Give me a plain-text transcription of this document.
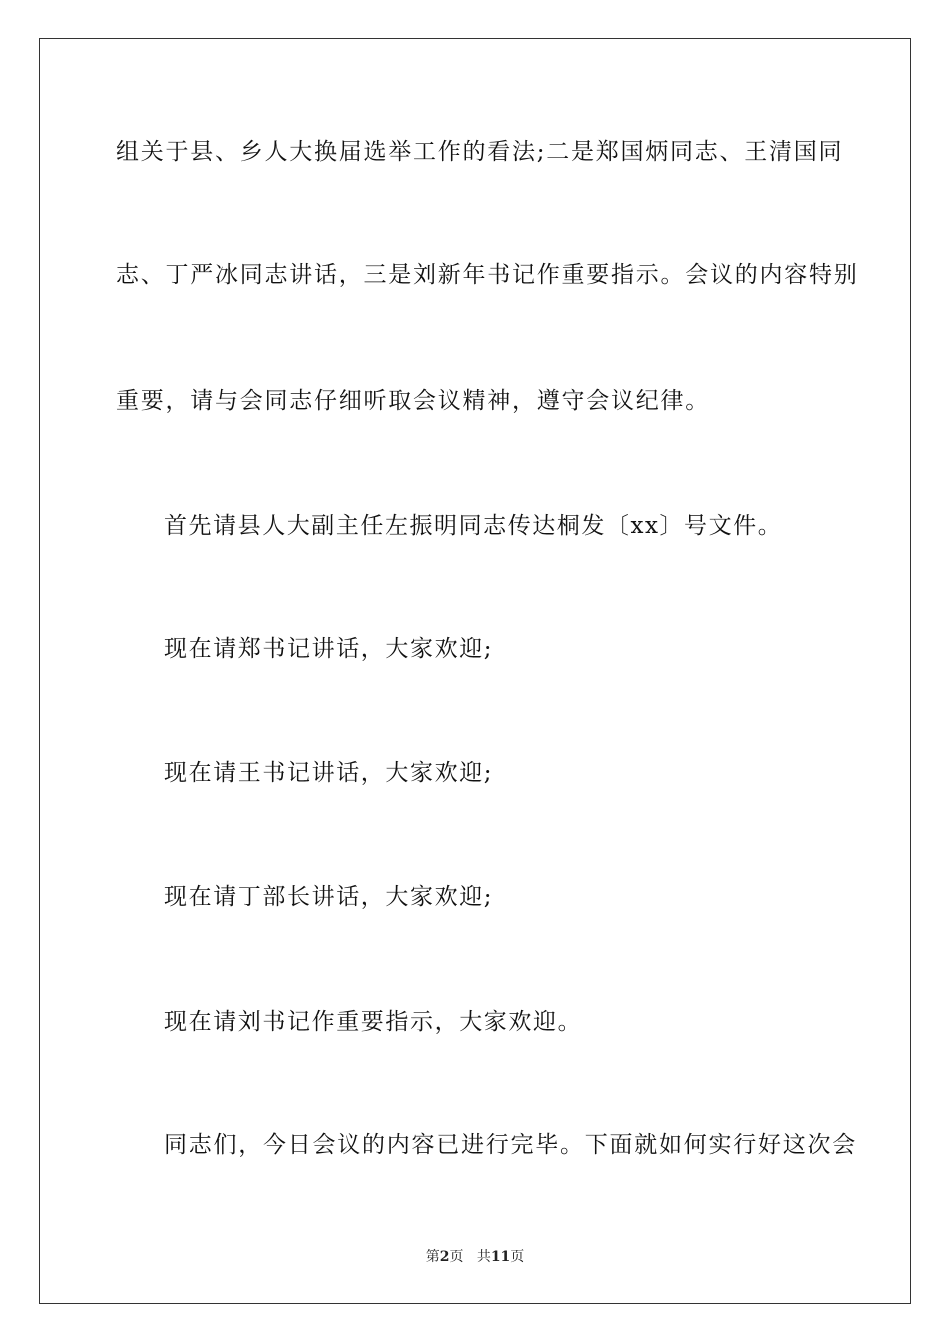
组关于县、乡人大换届选举工作的看法;二是郑国炳同志、王清国同
志、丁严冰同志讲话，三是刘新年书记作重要指示。会议的内容特别
重要，请与会同志仔细听取会议精神，遵守会议纪律。
首先请县人大副主任左振明同志传达桐发〔xx〕号文件。
现在请郑书记讲话，大家欢迎;
现在请王书记讲话，大家欢迎;
现在请丁部长讲话，大家欢迎;
现在请刘书记作重要指示，大家欢迎。
同志们，今日会议的内容已进行完毕。下面就如何实行好这次会
第2页 共11页
